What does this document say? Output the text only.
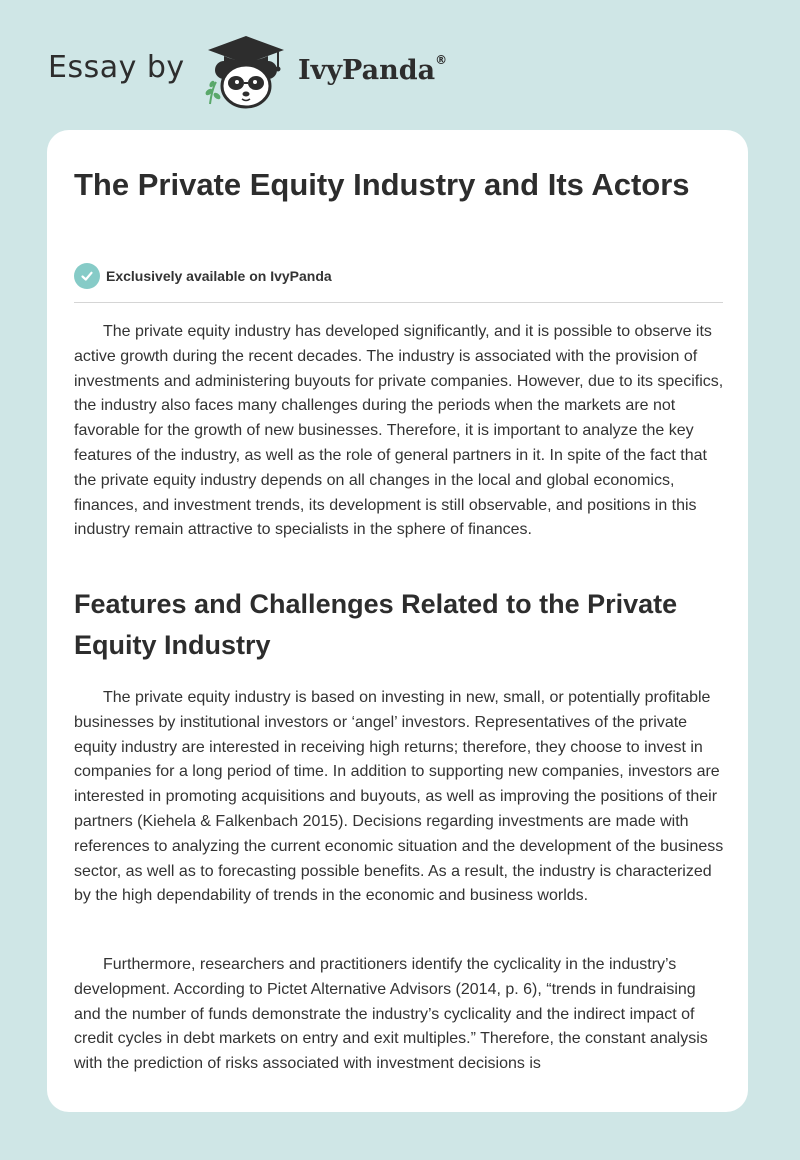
Essay by	IvyPanda®
The Private Equity Industry and Its Actors
Exclusively available on IvyPanda

The private equity industry has developed significantly, and it is possible to observe its active growth during the recent decades. The industry is associated with the provision of investments and administering buyouts for private companies. However, due to its specifics, the industry also faces many challenges during the periods when the markets are not favorable for the growth of new businesses. Therefore, it is important to analyze the key features of the industry, as well as the role of general partners in it. In spite of the fact that the private equity industry depends on all changes in the local and global economics, finances, and investment trends, its development is still observable, and positions in this industry remain attractive to specialists in the sphere of finances.

Features and Challenges Related to the Private Equity Industry

The private equity industry is based on investing in new, small, or potentially profitable businesses by institutional investors or ‘angel’ investors. Representatives of the private equity industry are interested in receiving high returns; therefore, they choose to invest in companies for a long period of time. In addition to supporting new companies, investors are interested in promoting acquisitions and buyouts, as well as improving the positions of their partners (Kiehela & Falkenbach 2015). Decisions regarding investments are made with references to analyzing the current economic situation and the development of the business sector, as well as to forecasting possible benefits. As a result, the industry is characterized by the high dependability of trends in the economic and business worlds.

Furthermore, researchers and practitioners identify the cyclicality in the industry’s development. According to Pictet Alternative Advisors (2014, p. 6), “trends in fundraising and the number of funds demonstrate the industry’s cyclicality and the indirect impact of credit cycles in debt markets on entry and exit multiples.” Therefore, the constant analysis with the prediction of risks associated with investment decisions is
